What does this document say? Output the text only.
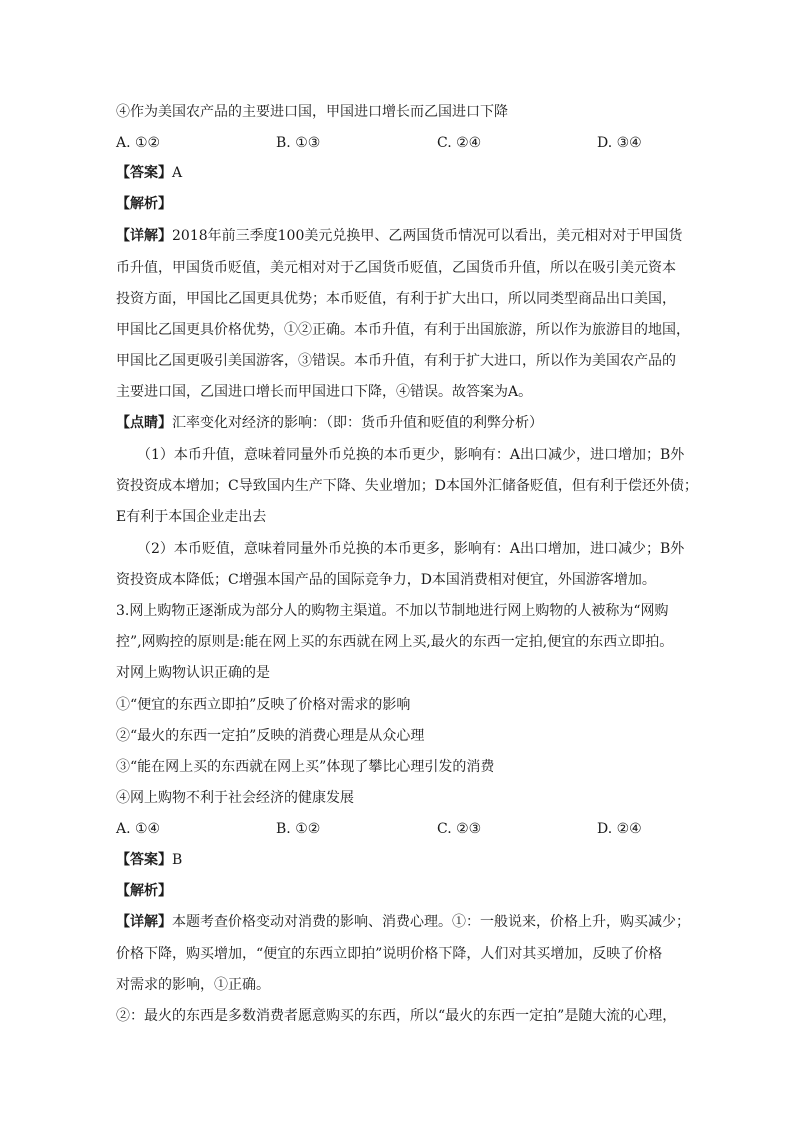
④作为美国农产品的主要进口国，甲国进口增长而乙国进口下降
A. ①②	B. ①③	C. ②④	D. ③④
【答案】A
【解析】
【详解】2018年前三季度100美元兑换甲、乙两国货币情况可以看出，美元相对对于甲国货
币升值，甲国货币贬值，美元相对对于乙国货币贬值，乙国货币升值，所以在吸引美元资本
投资方面，甲国比乙国更具优势；本币贬值，有利于扩大出口，所以同类型商品出口美国，
甲国比乙国更具价格优势，①②正确。本币升值，有利于出国旅游，所以作为旅游目的地国，
甲国比乙国更吸引美国游客，③错误。本币升值，有利于扩大进口，所以作为美国农产品的
主要进口国，乙国进口增长而甲国进口下降，④错误。故答案为A。
【点睛】汇率变化对经济的影响：（即：货币升值和贬值的利弊分析）
（1）本币升值，意味着同量外币兑换的本币更少，影响有：A出口减少，进口增加；B外
资投资成本增加；C导致国内生产下降、失业增加；D本国外汇储备贬值，但有利于偿还外债；
E有利于本国企业走出去
（2）本币贬值，意味着同量外币兑换的本币更多，影响有：A出口增加，进口减少；B外
资投资成本降低；C增强本国产品的国际竞争力，D本国消费相对便宜，外国游客增加。
3.网上购物正逐渐成为部分人的购物主渠道。不加以节制地进行网上购物的人被称为“网购
控”,网购控的原则是:能在网上买的东西就在网上买,最火的东西一定拍,便宜的东西立即拍。
对网上购物认识正确的是
①“便宜的东西立即拍”反映了价格对需求的影响
②“最火的东西一定拍”反映的消费心理是从众心理
③“能在网上买的东西就在网上买”体现了攀比心理引发的消费
④网上购物不利于社会经济的健康发展
A. ①④	B. ①②	C. ②③	D. ②④
【答案】B
【解析】
【详解】本题考查价格变动对消费的影响、消费心理。①：一般说来，价格上升，购买减少；
价格下降，购买增加，“便宜的东西立即拍”说明价格下降，人们对其买增加，反映了价格
对需求的影响，①正确。
②：最火的东西是多数消费者愿意购买的东西，所以“最火的东西一定拍”是随大流的心理，
